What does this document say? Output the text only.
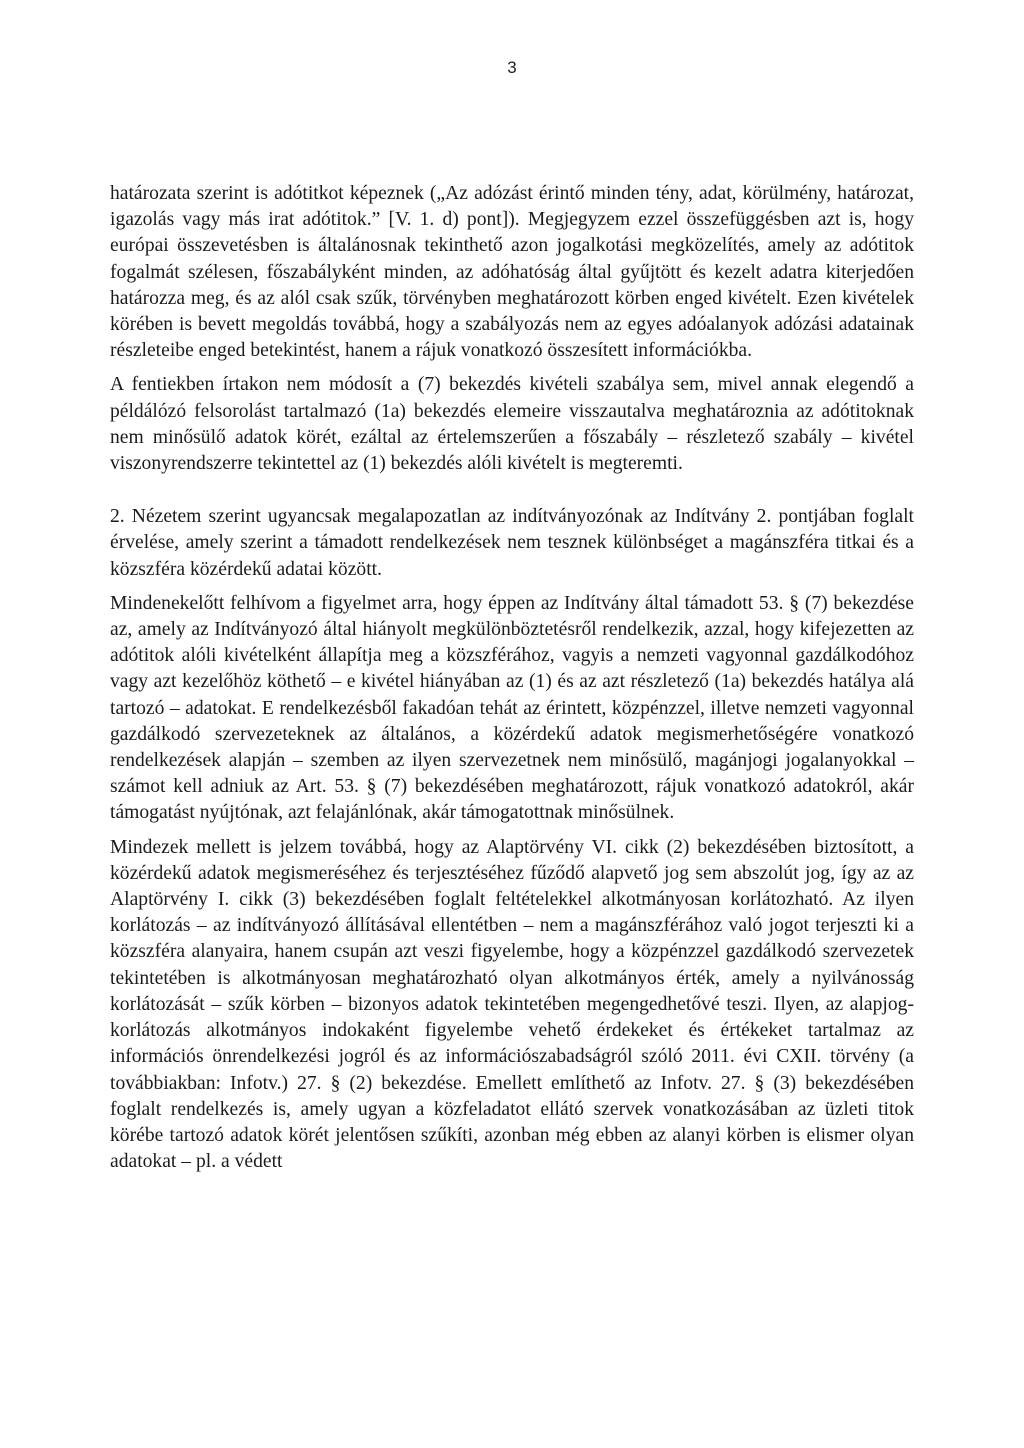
3

határozata szerint is adótitkot képeznek („Az adózást érintő minden tény, adat, körülmény, határozat, igazolás vagy más irat adótitok.” [V. 1. d) pont]). Megjegyzem ezzel összefüggésben azt is, hogy európai összevetésben is általánosnak tekinthető azon jogalkotási megközelítés, amely az adótitok fogalmát szélesen, főszabályként minden, az adóhatóság által gyűjtött és kezelt adatra kiterjedően határozza meg, és az alól csak szűk, törvényben meghatározott körben enged kivételt. Ezen kivételek körében is bevett megoldás továbbá, hogy a szabályozás nem az egyes adóalanyok adózási adatainak részleteibe enged betekintést, hanem a rájuk vonatkozó összesített információkba.

A fentiekben írtakon nem módosít a (7) bekezdés kivételi szabálya sem, mivel annak elegendő a példálózó felsorolást tartalmazó (1a) bekezdés elemeire visszautalva meghatároznia az adótitoknak nem minősülő adatok körét, ezáltal az értelemszerűen a főszabály – részletező szabály – kivétel viszonyrendszerre tekintettel az (1) bekezdés alóli kivételt is megteremti.

2. Nézetem szerint ugyancsak megalapozatlan az indítványozónak az Indítvány 2. pontjában foglalt érvelése, amely szerint a támadott rendelkezések nem tesznek különbséget a magánszféra titkai és a közszféra közérdekű adatai között.

Mindenekelőtt felhívom a figyelmet arra, hogy éppen az Indítvány által támadott 53. § (7) bekezdése az, amely az Indítványozó által hiányolt megkülönböztetésről rendelkezik, azzal, hogy kifejezetten az adótitok alóli kivételként állapítja meg a közszférához, vagyis a nemzeti vagyonnal gazdálkodóhoz vagy azt kezelőhöz köthető – e kivétel hiányában az (1) és az azt részletező (1a) bekezdés hatálya alá tartozó – adatokat. E rendelkezésből fakadóan tehát az érintett, közpénzzel, illetve nemzeti vagyonnal gazdálkodó szervezeteknek az általános, a közérdekű adatok megismerhetőségére vonatkozó rendelkezések alapján – szemben az ilyen szervezetnek nem minősülő, magánjogi jogalanyokkal – számot kell adniuk az Art. 53. § (7) bekezdésében meghatározott, rájuk vonatkozó adatokról, akár támogatást nyújtónak, azt felajánlónak, akár támogatottnak minősülnek.

Mindezek mellett is jelzem továbbá, hogy az Alaptörvény VI. cikk (2) bekezdésében biztosított, a közérdekű adatok megismeréséhez és terjesztéséhez fűződő alapvető jog sem abszolút jog, így az az Alaptörvény I. cikk (3) bekezdésében foglalt feltételekkel alkotmányosan korlátozható. Az ilyen korlátozás – az indítványozó állításával ellentétben – nem a magánszférához való jogot terjeszti ki a közszféra alanyaira, hanem csupán azt veszi figyelembe, hogy a közpénzzel gazdálkodó szervezetek tekintetében is alkotmányosan meghatározható olyan alkotmányos érték, amely a nyilvánosság korlátozását – szűk körben – bizonyos adatok tekintetében megengedhetővé teszi. Ilyen, az alapjog-korlátozás alkotmányos indokaként figyelembe vehető érdekeket és értékeket tartalmaz az információs önrendelkezési jogról és az információszabadságról szóló 2011. évi CXII. törvény (a továbbiakban: Infotv.) 27. § (2) bekezdése. Emellett említhető az Infotv. 27. § (3) bekezdésében foglalt rendelkezés is, amely ugyan a közfeladatot ellátó szervek vonatkozásában az üzleti titok körébe tartozó adatok körét jelentősen szűkíti, azonban még ebben az alanyi körben is elismer olyan adatokat – pl. a védett
